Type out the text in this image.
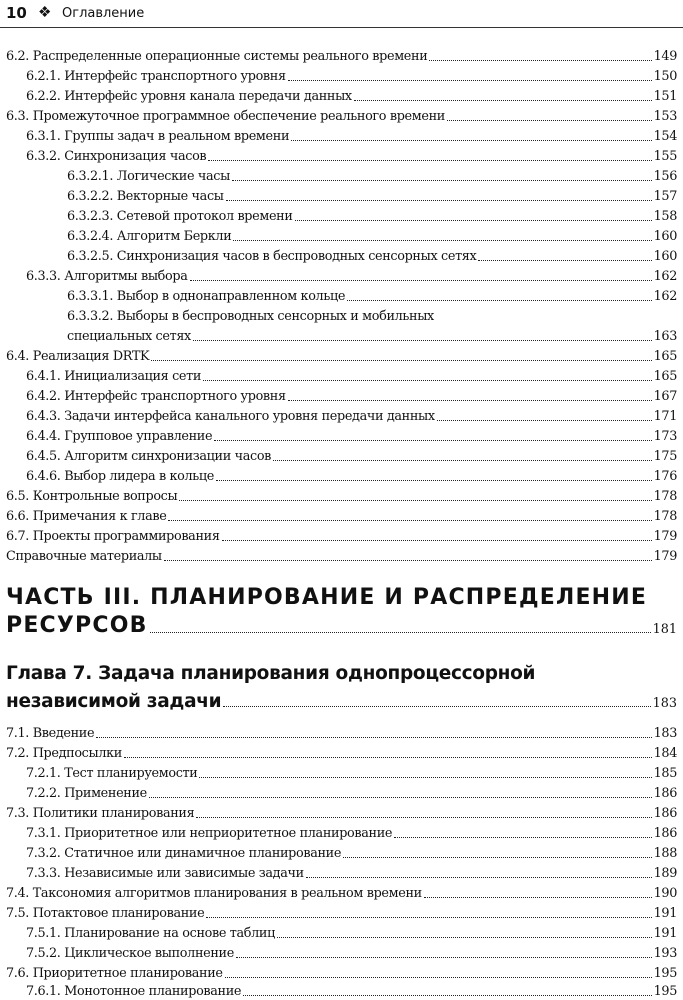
10 ❖ Оглавление
6.2. Распределенные операционные системы реального времени	149
6.2.1. Интерфейс транспортного уровня	150
6.2.2. Интерфейс уровня канала передачи данных	151
6.3. Промежуточное программное обеспечение реального времени	153
6.3.1. Группы задач в реальном времени	154
6.3.2. Синхронизация часов	155
6.3.2.1. Логические часы	156
6.3.2.2. Векторные часы	157
6.3.2.3. Сетевой протокол времени	158
6.3.2.4. Алгоритм Беркли	160
6.3.2.5. Синхронизация часов в беспроводных сенсорных сетях	160
6.3.3. Алгоритмы выбора	162
6.3.3.1. Выбор в однонаправленном кольце	162
6.3.3.2. Выборы в беспроводных сенсорных и мобильных
специальных сетях	163
6.4. Реализация DRTK	165
6.4.1. Инициализация сети	165
6.4.2. Интерфейс транспортного уровня	167
6.4.3. Задачи интерфейса канального уровня передачи данных	171
6.4.4. Групповое управление	173
6.4.5. Алгоритм синхронизации часов	175
6.4.6. Выбор лидера в кольце	176
6.5. Контрольные вопросы	178
6.6. Примечания к главе	178
6.7. Проекты программирования	179
Справочные материалы	179
ЧАСТЬ III. ПЛАНИРОВАНИЕ И РАСПРЕДЕЛЕНИЕ
РЕСУРСОВ	181
Глава 7. Задача планирования однопроцессорной
независимой задачи	183
7.1. Введение	183
7.2. Предпосылки	184
7.2.1. Тест планируемости	185
7.2.2. Применение	186
7.3. Политики планирования	186
7.3.1. Приоритетное или неприоритетное планирование	186
7.3.2. Статичное или динамичное планирование	188
7.3.3. Независимые или зависимые задачи	189
7.4. Таксономия алгоритмов планирования в реальном времени	190
7.5. Потактовое планирование	191
7.5.1. Планирование на основе таблиц	191
7.5.2. Циклическое выполнение	193
7.6. Приоритетное планирование	195
7.6.1. Монотонное планирование	195
